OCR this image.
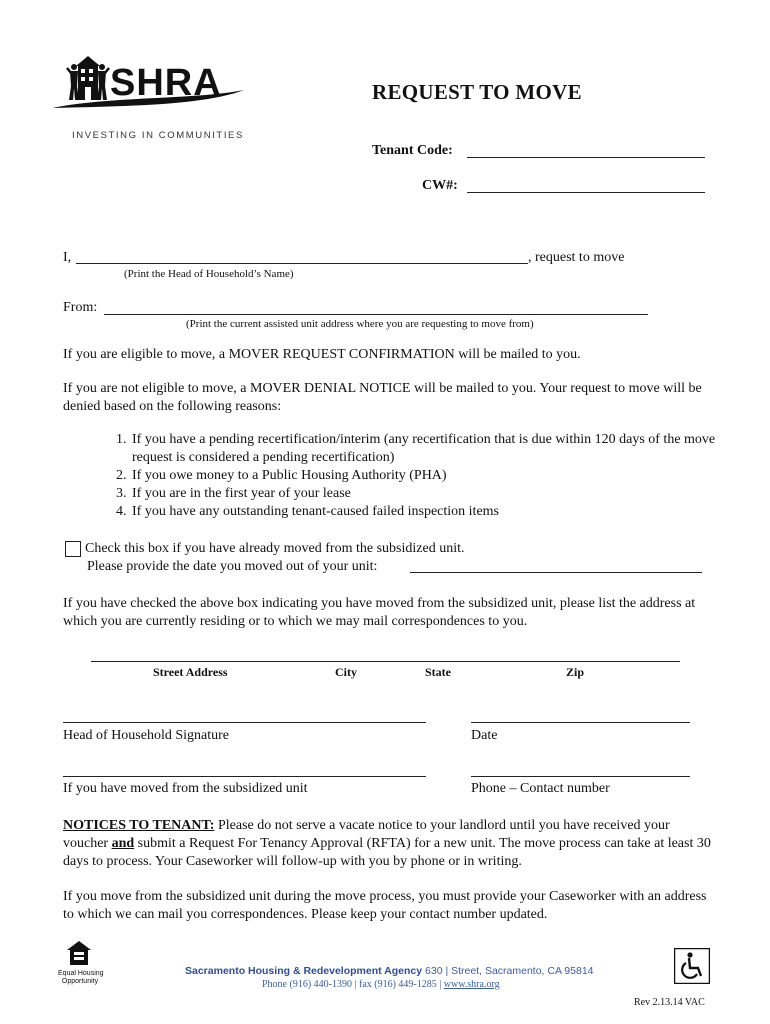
SHRA
INVESTING IN COMMUNITIES
REQUEST TO MOVE
Tenant Code:
CW#:
I,	, request to move
(Print the Head of Household’s Name)
From:
(Print the current assisted unit address where you are requesting to move from)
If you are eligible to move, a MOVER REQUEST CONFIRMATION will be mailed to you.
If you are not eligible to move, a MOVER DENIAL NOTICE will be mailed to you. Your request to move will be denied based on the following reasons:
1. If you have a pending recertification/interim (any recertification that is due within 120 days of the move request is considered a pending recertification)
2. If you owe money to a Public Housing Authority (PHA)
3. If you are in the first year of your lease
4. If you have any outstanding tenant-caused failed inspection items
Check this box if you have already moved from the subsidized unit.
Please provide the date you moved out of your unit:
If you have checked the above box indicating you have moved from the subsidized unit, please list the address at which you are currently residing or to which we may mail correspondences to you.
Street Address	City	State	Zip
Head of Household Signature	Date
If you have moved from the subsidized unit	Phone – Contact number
NOTICES TO TENANT: Please do not serve a vacate notice to your landlord until you have received your voucher and submit a Request For Tenancy Approval (RFTA) for a new unit. The move process can take at least 30 days to process. Your Caseworker will follow-up with you by phone or in writing.
If you move from the subsidized unit during the move process, you must provide your Caseworker with an address to which we can mail you correspondences. Please keep your contact number updated.
Equal Housing
Opportunity
Sacramento Housing & Redevelopment Agency 630 | Street, Sacramento, CA 95814
Phone (916) 440-1390 | fax (916) 449-1285 | www.shra.org
Rev 2.13.14 VAC
